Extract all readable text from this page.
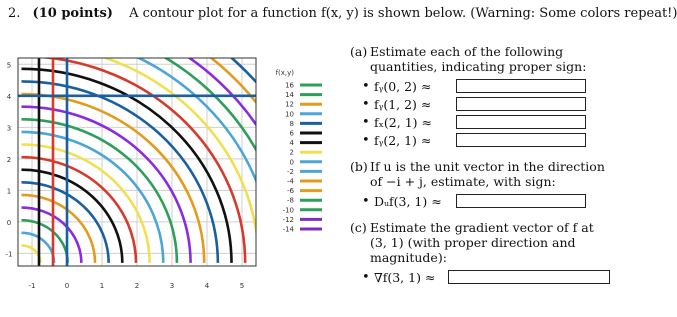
2. (10 points) A contour plot for a function f(x, y) is shown below. (Warning: Some colors repeat!)
-1	0	1	2	3	4	5
5
4
3
2
1
0
-1
f(x,y)
16
14
12
10
8
6
4
2
0
-2
-4
-6
-8
-10
-12
-14
(a) Estimate each of the following quantities, indicating proper sign:
• fᵧ(0, 2) ≈
• fᵧ(1, 2) ≈
• fₓ(2, 1) ≈
• fᵧ(2, 1) ≈
(b) If u is the unit vector in the direction of −i + j, estimate, with sign:
• Dᵤf(3, 1) ≈
(c) Estimate the gradient vector of f at (3, 1) (with proper direction and magnitude):
• ∇f(3, 1) ≈
